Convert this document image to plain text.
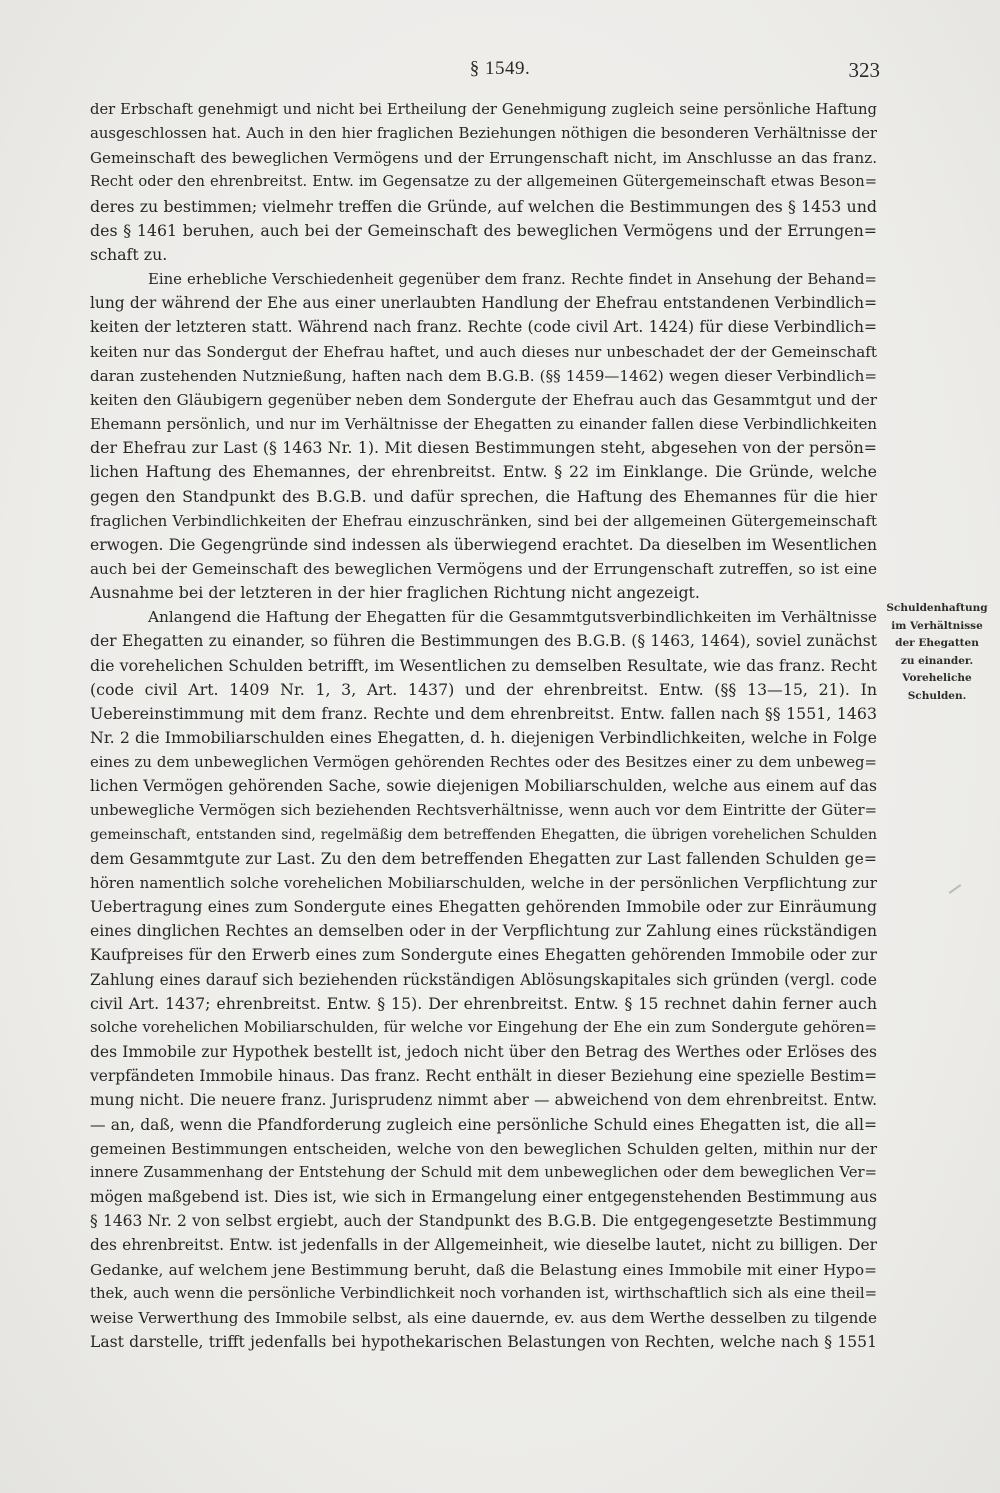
§ 1549.	323
der Erbschaft genehmigt und nicht bei Ertheilung der Genehmigung zugleich seine persönliche Haftung
ausgeschlossen hat. Auch in den hier fraglichen Beziehungen nöthigen die besonderen Verhältnisse der
Gemeinschaft des beweglichen Vermögens und der Errungenschaft nicht, im Anschlusse an das franz.
Recht oder den ehrenbreitst. Entw. im Gegensatze zu der allgemeinen Gütergemeinschaft etwas Beson=
deres zu bestimmen; vielmehr treffen die Gründe, auf welchen die Bestimmungen des § 1453 und
des § 1461 beruhen, auch bei der Gemeinschaft des beweglichen Vermögens und der Errungen=
schaft zu.
Eine erhebliche Verschiedenheit gegenüber dem franz. Rechte findet in Ansehung der Behand=
lung der während der Ehe aus einer unerlaubten Handlung der Ehefrau entstandenen Verbindlich=
keiten der letzteren statt. Während nach franz. Rechte (code civil Art. 1424) für diese Verbindlich=
keiten nur das Sondergut der Ehefrau haftet, und auch dieses nur unbeschadet der der Gemeinschaft
daran zustehenden Nutznießung, haften nach dem B.G.B. (§§ 1459—1462) wegen dieser Verbindlich=
keiten den Gläubigern gegenüber neben dem Sondergute der Ehefrau auch das Gesammtgut und der
Ehemann persönlich, und nur im Verhältnisse der Ehegatten zu einander fallen diese Verbindlichkeiten
der Ehefrau zur Last (§ 1463 Nr. 1). Mit diesen Bestimmungen steht, abgesehen von der persön=
lichen Haftung des Ehemannes, der ehrenbreitst. Entw. § 22 im Einklange. Die Gründe, welche
gegen den Standpunkt des B.G.B. und dafür sprechen, die Haftung des Ehemannes für die hier
fraglichen Verbindlichkeiten der Ehefrau einzuschränken, sind bei der allgemeinen Gütergemeinschaft
erwogen. Die Gegengründe sind indessen als überwiegend erachtet. Da dieselben im Wesentlichen
auch bei der Gemeinschaft des beweglichen Vermögens und der Errungenschaft zutreffen, so ist eine
Ausnahme bei der letzteren in der hier fraglichen Richtung nicht angezeigt.
Anlangend die Haftung der Ehegatten für die Gesammtgutsverbindlichkeiten im Verhältnisse
der Ehegatten zu einander, so führen die Bestimmungen des B.G.B. (§ 1463, 1464), soviel zunächst
die vorehelichen Schulden betrifft, im Wesentlichen zu demselben Resultate, wie das franz. Recht
(code civil Art. 1409 Nr. 1, 3, Art. 1437) und der ehrenbreitst. Entw. (§§ 13—15, 21). In
Uebereinstimmung mit dem franz. Rechte und dem ehrenbreitst. Entw. fallen nach §§ 1551, 1463
Nr. 2 die Immobiliarschulden eines Ehegatten, d. h. diejenigen Verbindlichkeiten, welche in Folge
eines zu dem unbeweglichen Vermögen gehörenden Rechtes oder des Besitzes einer zu dem unbeweg=
lichen Vermögen gehörenden Sache, sowie diejenigen Mobiliarschulden, welche aus einem auf das
unbewegliche Vermögen sich beziehenden Rechtsverhältnisse, wenn auch vor dem Eintritte der Güter=
gemeinschaft, entstanden sind, regelmäßig dem betreffenden Ehegatten, die übrigen vorehelichen Schulden
dem Gesammtgute zur Last. Zu den dem betreffenden Ehegatten zur Last fallenden Schulden ge=
hören namentlich solche vorehelichen Mobiliarschulden, welche in der persönlichen Verpflichtung zur
Uebertragung eines zum Sondergute eines Ehegatten gehörenden Immobile oder zur Einräumung
eines dinglichen Rechtes an demselben oder in der Verpflichtung zur Zahlung eines rückständigen
Kaufpreises für den Erwerb eines zum Sondergute eines Ehegatten gehörenden Immobile oder zur
Zahlung eines darauf sich beziehenden rückständigen Ablösungskapitales sich gründen (vergl. code
civil Art. 1437; ehrenbreitst. Entw. § 15). Der ehrenbreitst. Entw. § 15 rechnet dahin ferner auch
solche vorehelichen Mobiliarschulden, für welche vor Eingehung der Ehe ein zum Sondergute gehören=
des Immobile zur Hypothek bestellt ist, jedoch nicht über den Betrag des Werthes oder Erlöses des
verpfändeten Immobile hinaus. Das franz. Recht enthält in dieser Beziehung eine spezielle Bestim=
mung nicht. Die neuere franz. Jurisprudenz nimmt aber — abweichend von dem ehrenbreitst. Entw.
— an, daß, wenn die Pfandforderung zugleich eine persönliche Schuld eines Ehegatten ist, die all=
gemeinen Bestimmungen entscheiden, welche von den beweglichen Schulden gelten, mithin nur der
innere Zusammenhang der Entstehung der Schuld mit dem unbeweglichen oder dem beweglichen Ver=
mögen maßgebend ist. Dies ist, wie sich in Ermangelung einer entgegenstehenden Bestimmung aus
§ 1463 Nr. 2 von selbst ergiebt, auch der Standpunkt des B.G.B. Die entgegengesetzte Bestimmung
des ehrenbreitst. Entw. ist jedenfalls in der Allgemeinheit, wie dieselbe lautet, nicht zu billigen. Der
Gedanke, auf welchem jene Bestimmung beruht, daß die Belastung eines Immobile mit einer Hypo=
thek, auch wenn die persönliche Verbindlichkeit noch vorhanden ist, wirthschaftlich sich als eine theil=
weise Verwerthung des Immobile selbst, als eine dauernde, ev. aus dem Werthe desselben zu tilgende
Last darstelle, trifft jedenfalls bei hypothekarischen Belastungen von Rechten, welche nach § 1551
Schuldenhaftung
im Verhältnisse
der Ehegatten
zu einander.
Voreheliche
Schulden.
